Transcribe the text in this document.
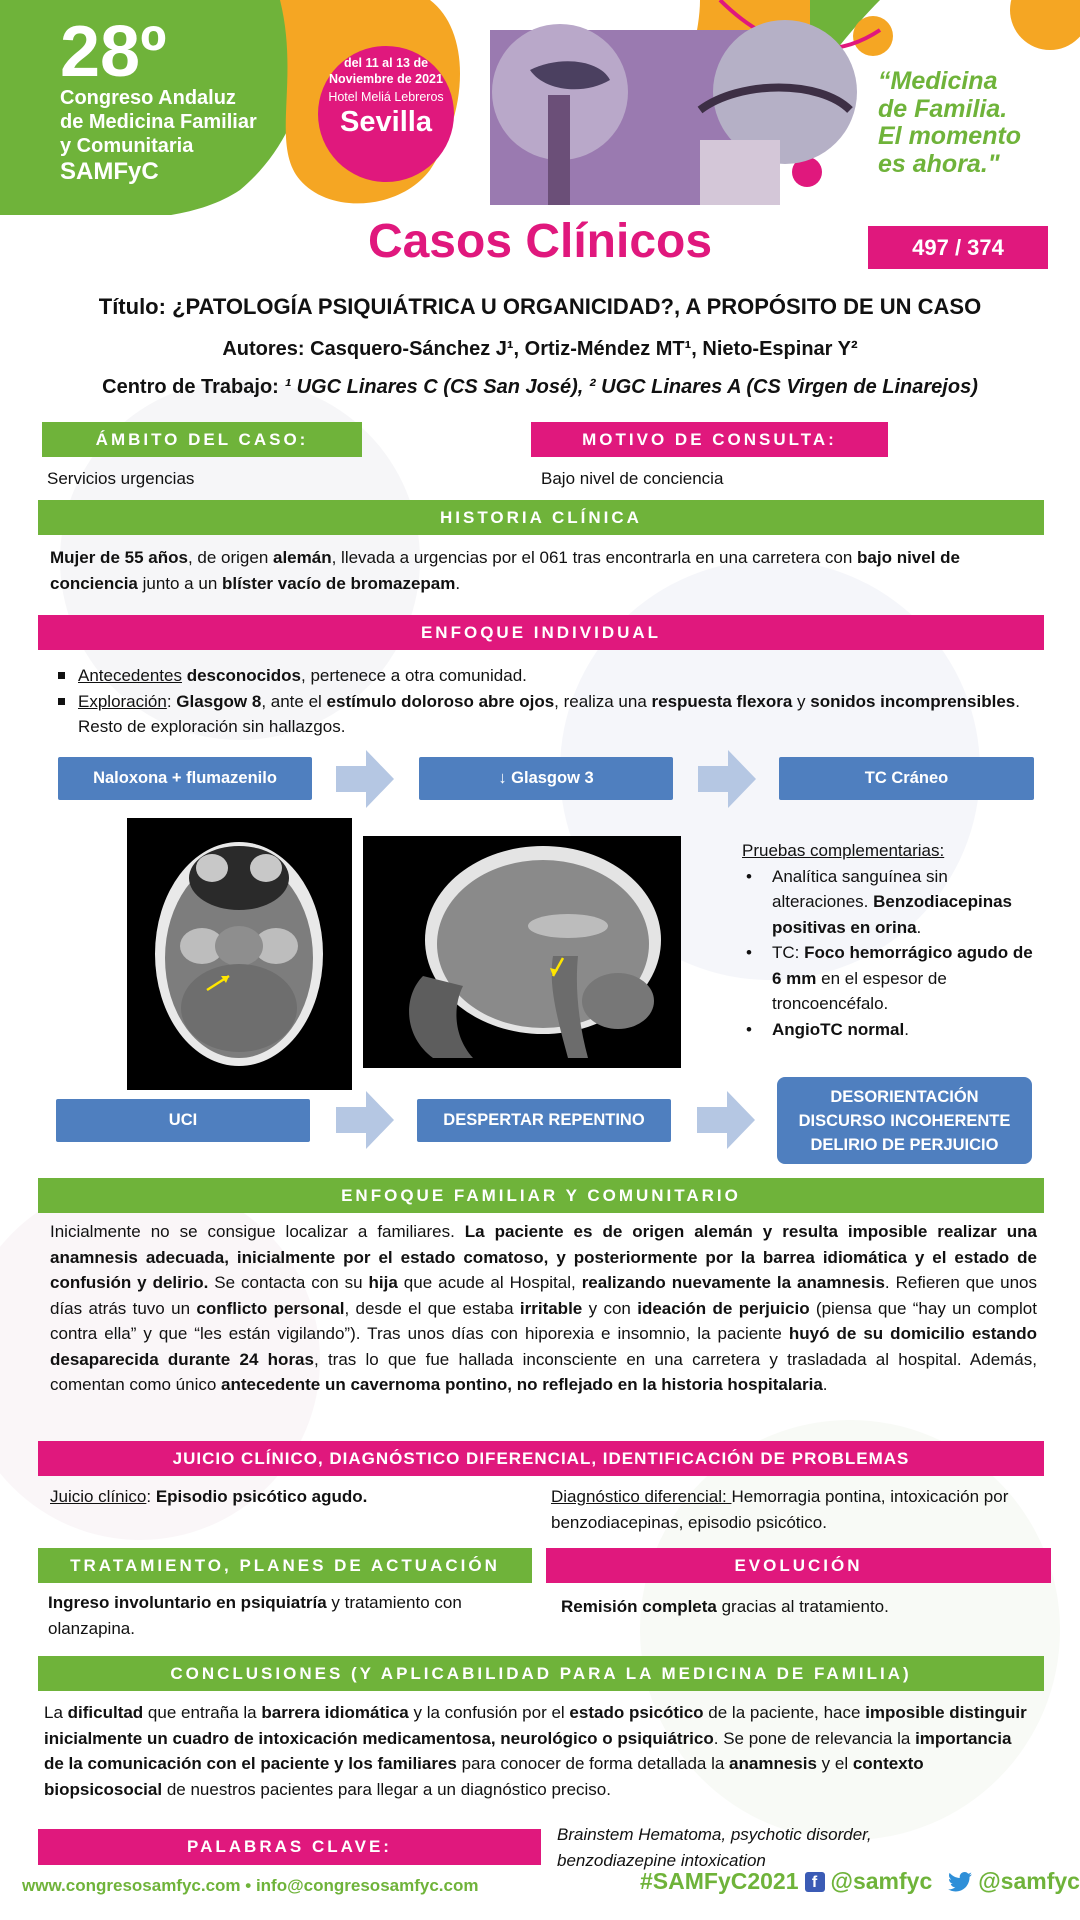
28º
Congreso Andaluz
de Medicina Familiar
y Comunitaria
SAMFyC
del 11 al 13 de
Noviembre de 2021
Hotel Meliá Lebreros
Sevilla
“Medicina
de Familia.
El momento
es ahora."
Casos Clínicos	497 / 374
Título: ¿PATOLOGÍA PSIQUIÁTRICA U ORGANICIDAD?, A PROPÓSITO DE UN CASO
Autores: Casquero-Sánchez J¹, Ortiz-Méndez MT¹, Nieto-Espinar Y²
Centro de Trabajo: ¹ UGC Linares C (CS San José), ² UGC Linares A (CS Virgen de Linarejos)
ÁMBITO DEL CASO:
Servicios urgencias
MOTIVO DE CONSULTA:
Bajo nivel de conciencia
HISTORIA CLÍNICA
Mujer de 55 años, de origen alemán, llevada a urgencias por el 061 tras encontrarla en una carretera con bajo nivel de conciencia junto a un blíster vacío de bromazepam.
ENFOQUE INDIVIDUAL
Antecedentes desconocidos, pertenece a otra comunidad.
Exploración: Glasgow 8, ante el estímulo doloroso abre ojos, realiza una respuesta flexora y sonidos incomprensibles. Resto de exploración sin hallazgos.
Naloxona + flumazenilo	↓ Glasgow 3	TC Cráneo
Pruebas complementarias:
• Analítica sanguínea sin alteraciones. Benzodiacepinas positivas en orina.
• TC: Foco hemorrágico agudo de 6 mm en el espesor de troncoencéfalo.
• AngioTC normal.
UCI	DESPERTAR REPENTINO
DESORIENTACIÓN
DISCURSO INCOHERENTE
DELIRIO DE PERJUICIO
ENFOQUE FAMILIAR Y COMUNITARIO
Inicialmente no se consigue localizar a familiares. La paciente es de origen alemán y resulta imposible realizar una anamnesis adecuada, inicialmente por el estado comatoso, y posteriormente por la barrea idiomática y el estado de confusión y delirio. Se contacta con su hija que acude al Hospital, realizando nuevamente la anamnesis. Refieren que unos días atrás tuvo un conflicto personal, desde el que estaba irritable y con ideación de perjuicio (piensa que “hay un complot contra ella” y que “les están vigilando”). Tras unos días con hiporexia e insomnio, la paciente huyó de su domicilio estando desaparecida durante 24 horas, tras lo que fue hallada inconsciente en una carretera y trasladada al hospital. Además, comentan como único antecedente un cavernoma pontino, no reflejado en la historia hospitalaria.
JUICIO CLÍNICO, DIAGNÓSTICO DIFERENCIAL, IDENTIFICACIÓN DE PROBLEMAS
Juicio clínico: Episodio psicótico agudo.	Diagnóstico diferencial: Hemorragia pontina, intoxicación por benzodiacepinas, episodio psicótico.
TRATAMIENTO, PLANES DE ACTUACIÓN
Ingreso involuntario en psiquiatría y tratamiento con olanzapina.
EVOLUCIÓN
Remisión completa gracias al tratamiento.
CONCLUSIONES (Y APLICABILIDAD PARA LA MEDICINA DE FAMILIA)
La dificultad que entraña la barrera idiomática y la confusión por el estado psicótico de la paciente, hace imposible distinguir inicialmente un cuadro de intoxicación medicamentosa, neurológico o psiquiátrico. Se pone de relevancia la importancia de la comunicación con el paciente y los familiares para conocer de forma detallada la anamnesis y el contexto biopsicosocial de nuestros pacientes para llegar a un diagnóstico preciso.
PALABRAS CLAVE:
Brainstem Hematoma, psychotic disorder, benzodiazepine intoxication
www.congresosamfyc.com • info@congresosamfyc.com	#SAMFyC2021 f @samfyc @samfyc
